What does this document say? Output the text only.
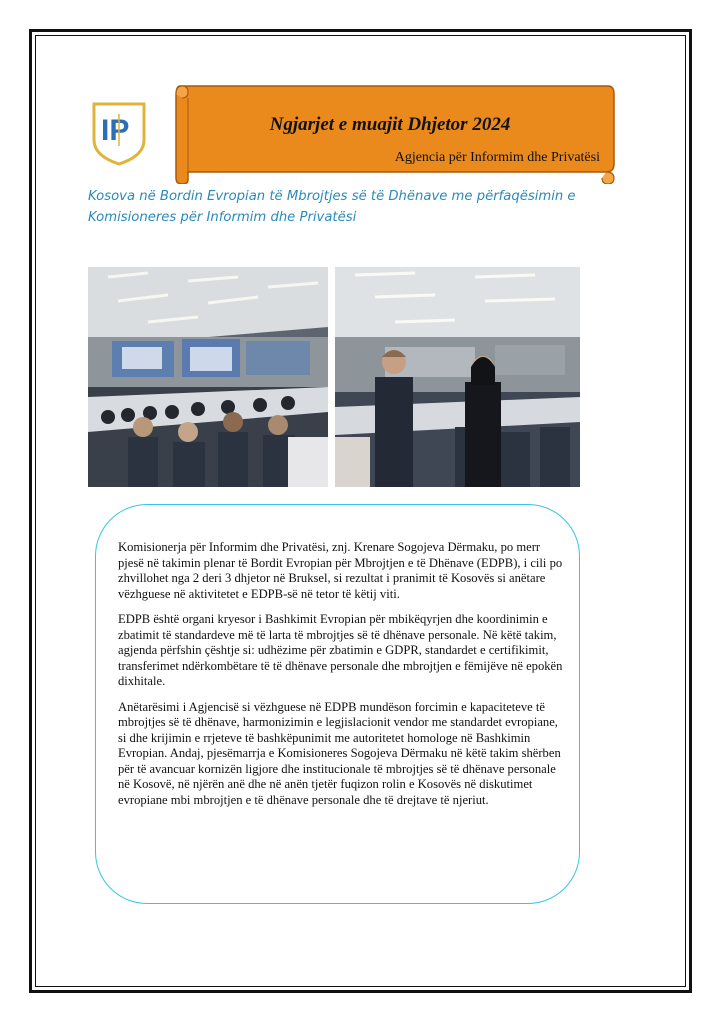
IP	Ngjarjet e muajit Dhjetor 2024
Agjencia për Informim dhe Privatësi
Kosova në Bordin Evropian të Mbrojtjes së të Dhënave me përfaqësimin e Komisioneres për Informim dhe Privatësi

Komisionerja për Informim dhe Privatësi, znj. Krenare Sogojeva Dërmaku, po merr pjesë në takimin plenar të Bordit Evropian për Mbrojtjen e të Dhënave (EDPB), i cili po zhvillohet nga 2 deri 3 dhjetor në Bruksel, si rezultat i pranimit të Kosovës si anëtare vëzhguese në aktivitetet e EDPB-së në tetor të këtij viti.

EDPB është organi kryesor i Bashkimit Evropian për mbikëqyrjen dhe koordinimin e zbatimit të standardeve më të larta të mbrojtjes së të dhënave personale. Në këtë takim, agjenda përfshin çështje si: udhëzime për zbatimin e GDPR, standardet e certifikimit, transferimet ndërkombëtare të të dhënave personale dhe mbrojtjen e fëmijëve në epokën dixhitale.

Anëtarësimi i Agjencisë si vëzhguese në EDPB mundëson forcimin e kapaciteteve të mbrojtjes së të dhënave, harmonizimin e legjislacionit vendor me standardet evropiane, si dhe krijimin e rrjeteve të bashkëpunimit me autoritetet homologe në Bashkimin Evropian. Andaj, pjesëmarrja e Komisioneres Sogojeva Dërmaku në këtë takim shërben për të avancuar kornizën ligjore dhe institucionale të mbrojtjes së të dhënave personale në Kosovë, në njërën anë dhe në anën tjetër fuqizon rolin e Kosovës në diskutimet evropiane mbi mbrojtjen e të dhënave personale dhe të drejtave të njeriut.
